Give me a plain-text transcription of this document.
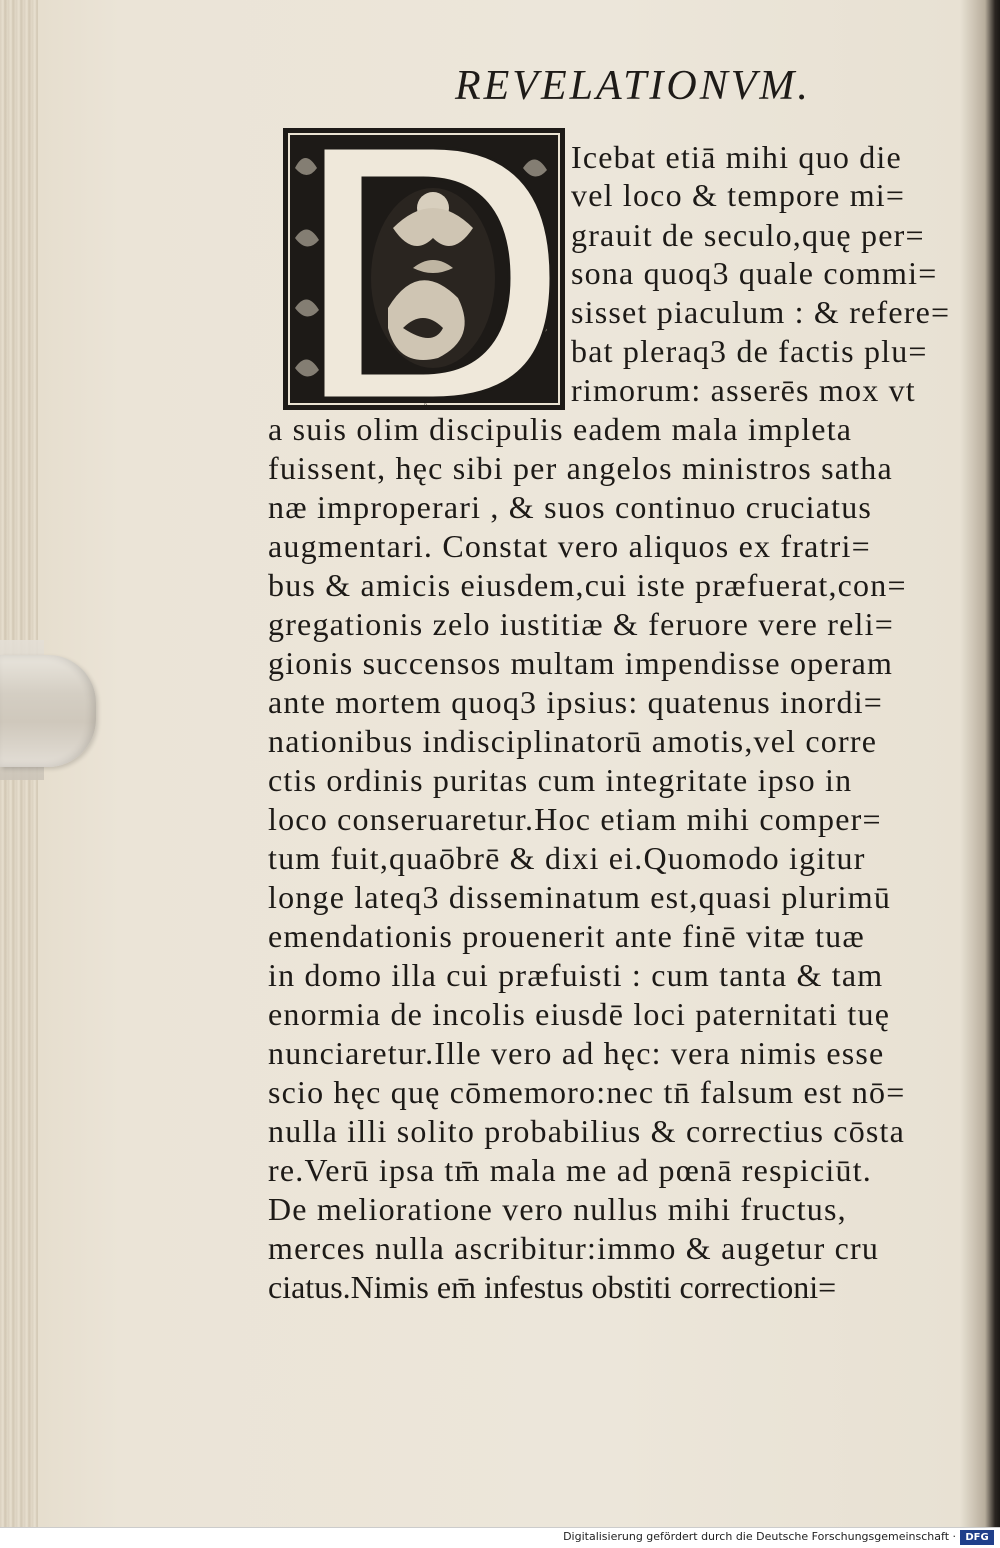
REVELATIONVM.
D
Icebat etiā mihi quo die
vel loco & tempore mi=
grauit de seculo,quę per=
sona quoq3 quale commi=
sisset piaculum : & refere=
bat pleraq3 de factis plu=
rimorum: asserēs mox vt
a suis olim discipulis eadem mala impleta
fuissent, hęc sibi per angelos ministros satha
næ improperari , & suos continuo cruciatus
augmentari. Constat vero aliquos ex fratri=
bus & amicis eiusdem,cui iste præfuerat,con=
gregationis zelo iustitiæ & feruore vere reli=
gionis succensos multam impendisse operam
ante mortem quoq3 ipsius: quatenus inordi=
nationibus indisciplinatorū amotis,vel corre
ctis ordinis puritas cum integritate ipso in
loco conseruaretur.Hoc etiam mihi comper=
tum fuit,quaōbrē & dixi ei.Quomodo igitur
longe lateq3 disseminatum est,quasi plurimū
emendationis prouenerit ante finē vitæ tuæ
in domo illa cui præfuisti : cum tanta & tam
enormia de incolis eiusdē loci paternitati tuę
nunciaretur.Ille vero ad hęc: vera nimis esse
scio hęc quę cōmemoro:nec tn̄ falsum est nō=
nulla illi solito probabilius & correctius cōsta
re.Verū ipsa tm̄ mala me ad pœnā respiciūt.
De melioratione vero nullus mihi fructus,
merces nulla ascribitur:immo & augetur cru
ciatus.Nimis em̄ infestus obstiti correctioni=
Digitalisierung gefördert durch die Deutsche Forschungsgemeinschaft · DFG
